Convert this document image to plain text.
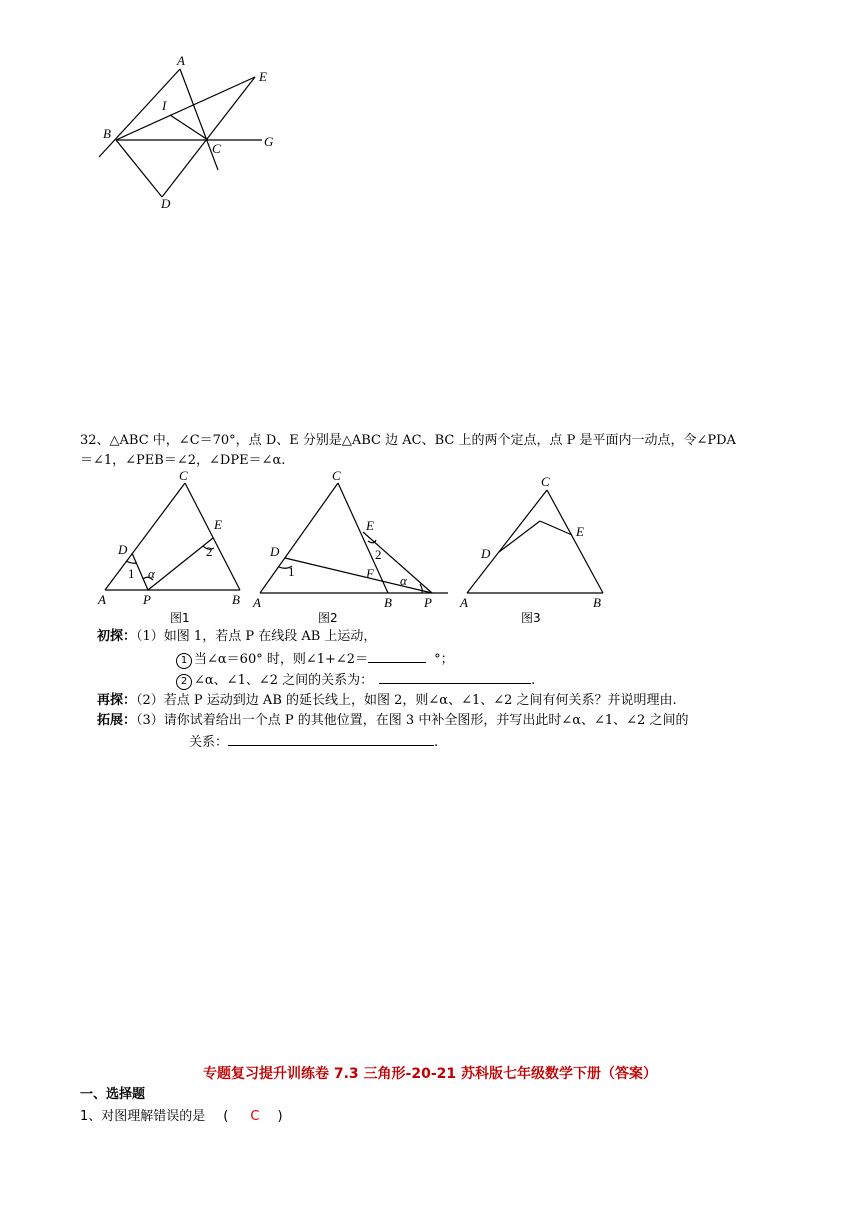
A
E
I
B
C	G
D
32、△ABC 中，∠C＝70°，点 D、E 分别是△ABC 边 AC、BC 上的两个定点，点 P 是平面内一动点，令∠PDA
＝∠1，∠PEB＝∠2，∠DPE＝∠α.
C
D
E
A	P	B
1
2
α
图1
C
D
E
F
A	B P
1
2
α
图2
C
D
E
A	B
图3
初探：（1）如图 1，若点 P 在线段 AB 上运动，
1 当∠α＝60° 时，则∠1+∠2＝	°；
2 ∠α、∠1、∠2 之间的关系为：	.
再探：（2）若点 P 运动到边 AB 的延长线上，如图 2，则∠α、∠1、∠2 之间有何关系？并说明理由.
拓展：（3）请你试着给出一个点 P 的其他位置，在图 3 中补全图形，并写出此时∠α、∠1、∠2 之间的
关系：	.
专题复习提升训练卷 7.3 三角形-20-21 苏科版七年级数学下册（答案）
一、选择题
1、对图理解错误的是 ( C )
